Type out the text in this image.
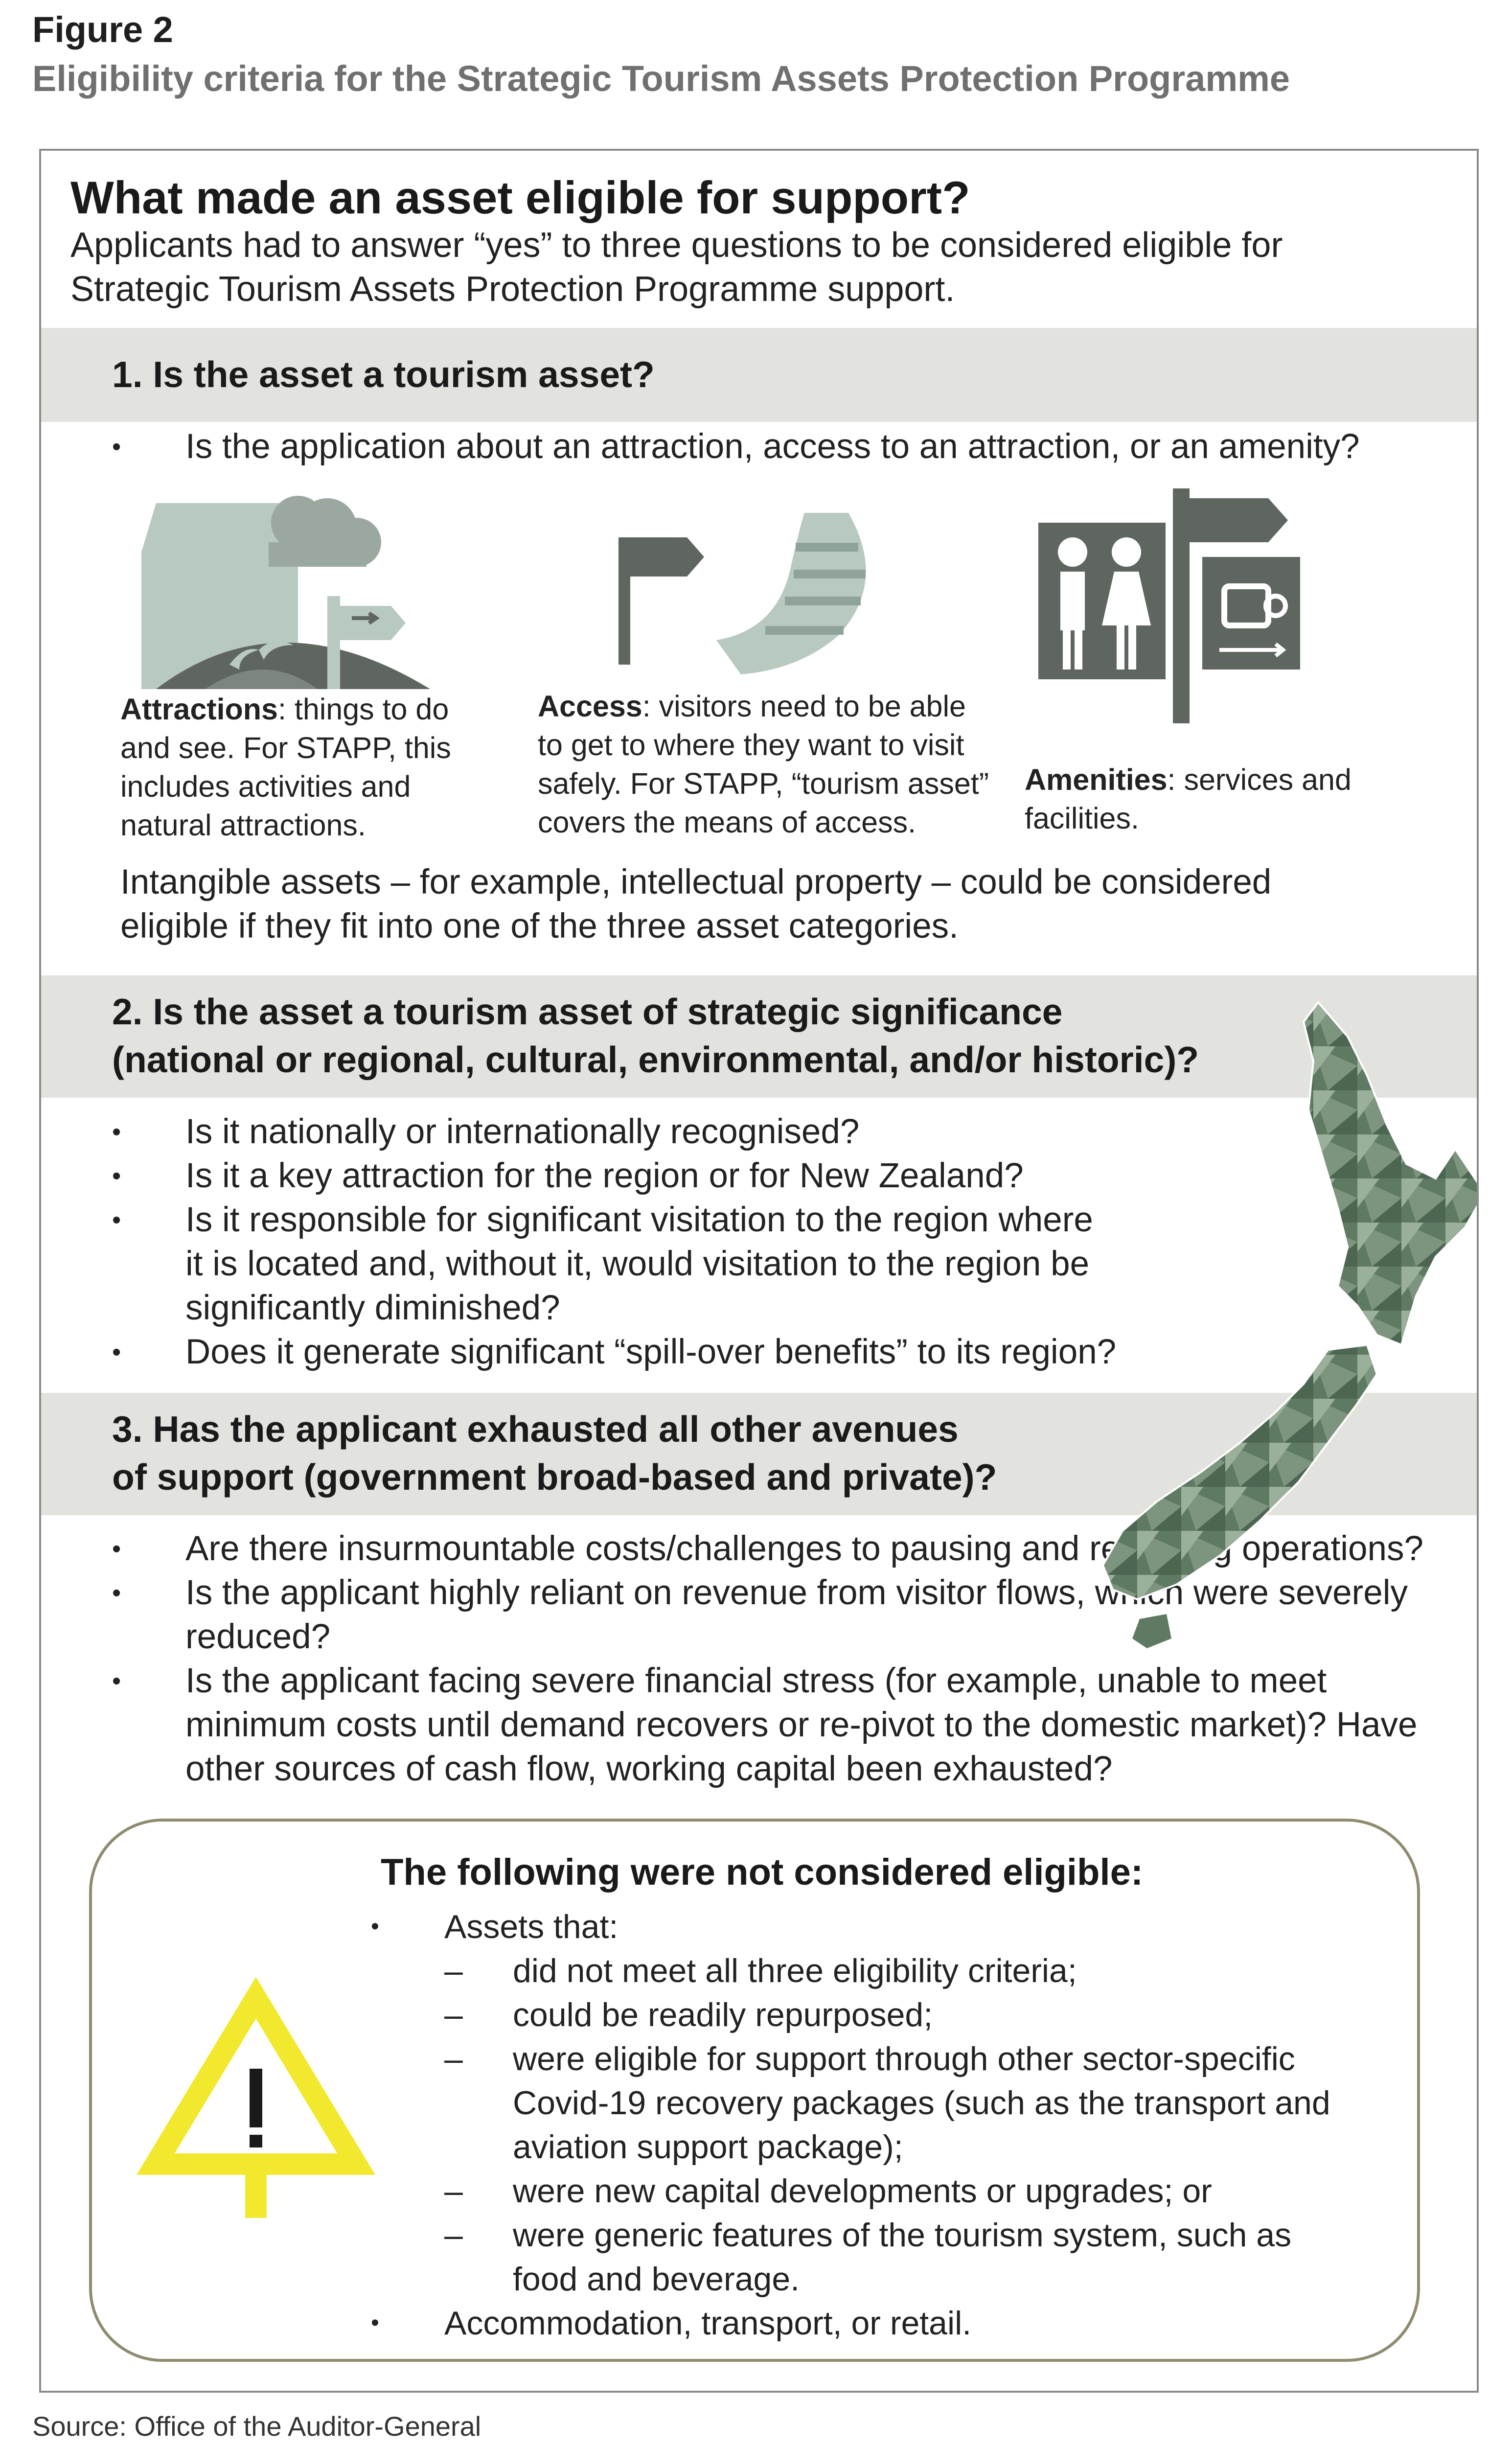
Figure 2
Eligibility criteria for the Strategic Tourism Assets Protection Programme
What made an asset eligible for support?
Applicants had to answer “yes” to three questions to be considered eligible for
Strategic Tourism Assets Protection Programme support.
1. Is the asset a tourism asset?
• Is the application about an attraction, access to an attraction, or an amenity?
Attractions: things to do
and see. For STAPP, this
includes activities and
natural attractions.
Access: visitors need to be able
to get to where they want to visit
safely. For STAPP, “tourism asset”
covers the means of access.
Amenities: services and
facilities.
Intangible assets – for example, intellectual property – could be considered
eligible if they fit into one of the three asset categories.
2. Is the asset a tourism asset of strategic significance
(national or regional, cultural, environmental, and/or historic)?
• Is it nationally or internationally recognised?
• Is it a key attraction for the region or for New Zealand?
• Is it responsible for significant visitation to the region where
it is located and, without it, would visitation to the region be
significantly diminished?
• Does it generate significant “spill-over benefits” to its region?
3. Has the applicant exhausted all other avenues
of support (government broad-based and private)?
• Are there insurmountable costs/challenges to pausing and resuming operations?
• Is the applicant highly reliant on revenue from visitor flows, which were severely
reduced?
• Is the applicant facing severe financial stress (for example, unable to meet
minimum costs until demand recovers or re-pivot to the domestic market)? Have
other sources of cash flow, working capital been exhausted?
The following were not considered eligible:
• Assets that:
– did not meet all three eligibility criteria;
– could be readily repurposed;
– were eligible for support through other sector-specific
Covid-19 recovery packages (such as the transport and
aviation support package);
– were new capital developments or upgrades; or
– were generic features of the tourism system, such as
food and beverage.
• Accommodation, transport, or retail.
Source: Office of the Auditor-General
